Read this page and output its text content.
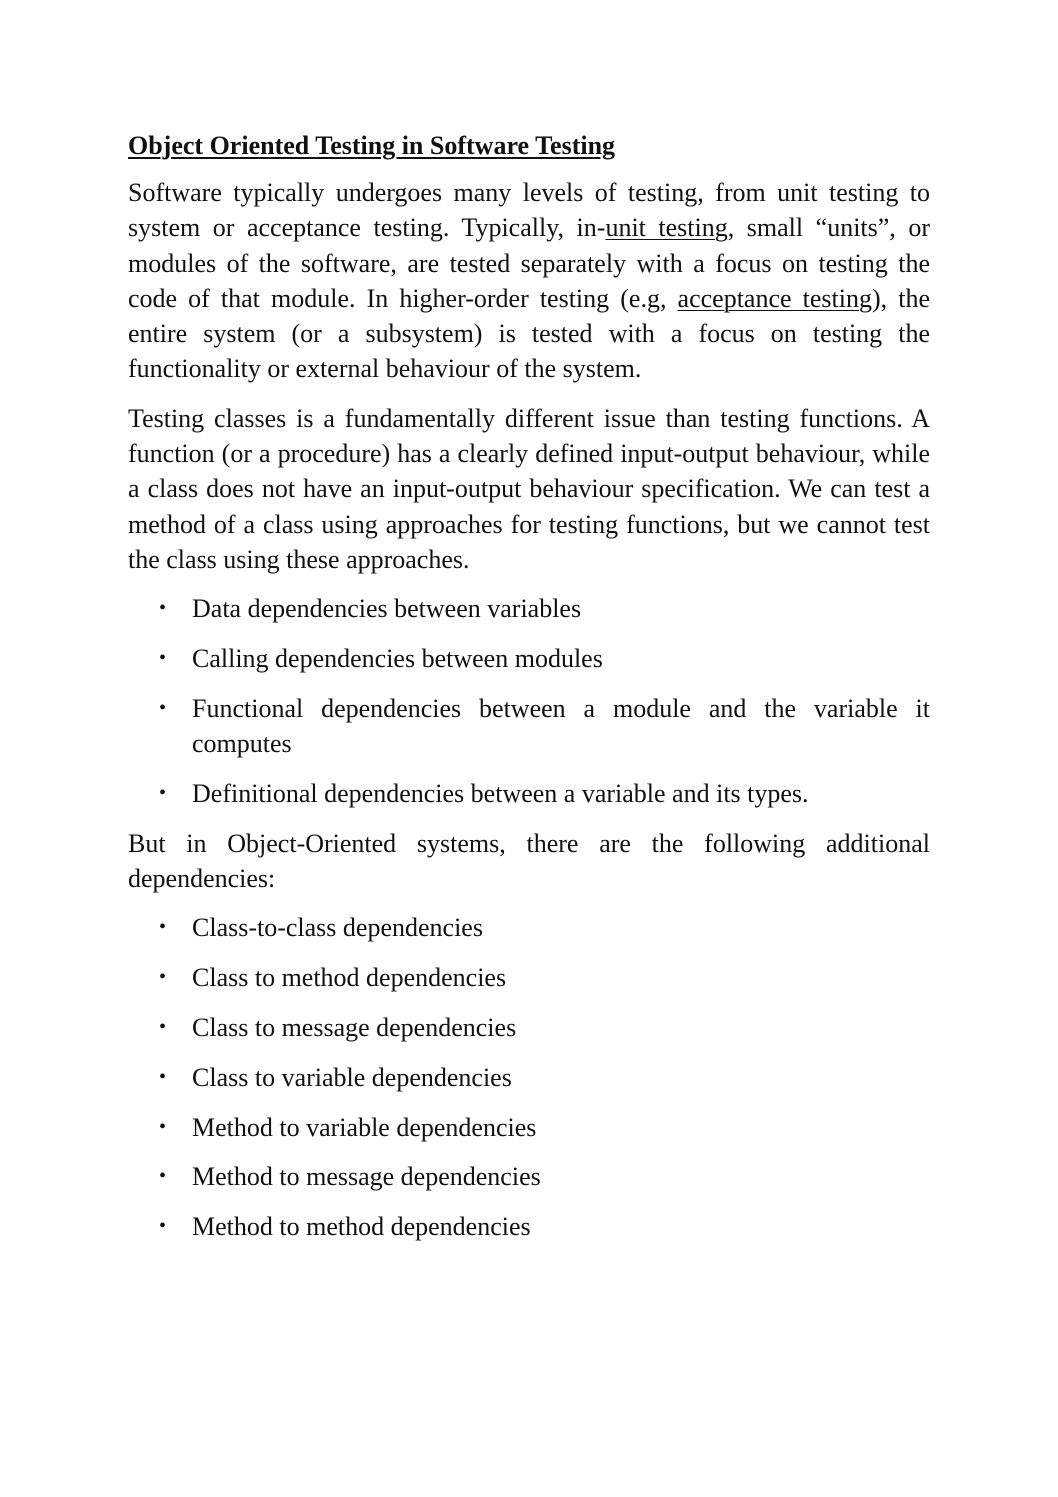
Object Oriented Testing in Software Testing

Software typically undergoes many levels of testing, from unit testing to system or acceptance testing. Typically, in-unit testing, small “units”, or modules of the software, are tested separately with a focus on testing the code of that module. In higher-order testing (e.g, acceptance testing), the entire system (or a subsystem) is tested with a focus on testing the functionality or external behaviour of the system.

Testing classes is a fundamentally different issue than testing functions. A function (or a procedure) has a clearly defined input-output behaviour, while a class does not have an input-output behaviour specification. We can test a method of a class using approaches for testing functions, but we cannot test the class using these approaches.

• Data dependencies between variables
• Calling dependencies between modules
• Functional dependencies between a module and the variable it computes
• Definitional dependencies between a variable and its types.

But in Object-Oriented systems, there are the following additional dependencies:

• Class-to-class dependencies
• Class to method dependencies
• Class to message dependencies
• Class to variable dependencies
• Method to variable dependencies
• Method to message dependencies
• Method to method dependencies
